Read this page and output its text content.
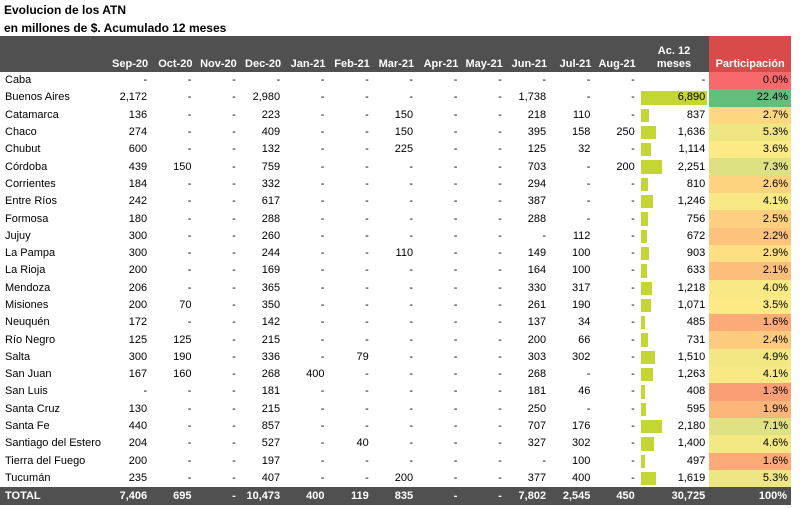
Evolucion de los ATN
en millones de $. Acumulado 12 meses
	Sep-20	Oct-20	Nov-20	Dec-20	Jan-21	Feb-21	Mar-21	Apr-21	May-21	Jun-21	Jul-21	Aug-21	Ac. 12 meses	Participación
Caba	-	-	-	-	-	-	-	-	-	-	-	-	-	0.0%
Buenos Aires	2,172	-	-	2,980	-	-	-	-	-	1,738	-	-	6,890	22.4%
Catamarca	136	-	-	223	-	-	150	-	-	218	110	-	837	2.7%
Chaco	274	-	-	409	-	-	150	-	-	395	158	250	1,636	5.3%
Chubut	600	-	-	132	-	-	225	-	-	125	32	-	1,114	3.6%
Córdoba	439	150	-	759	-	-	-	-	-	703	-	200	2,251	7.3%
Corrientes	184	-	-	332	-	-	-	-	-	294	-	-	810	2.6%
Entre Ríos	242	-	-	617	-	-	-	-	-	387	-	-	1,246	4.1%
Formosa	180	-	-	288	-	-	-	-	-	288	-	-	756	2.5%
Jujuy	300	-	-	260	-	-	-	-	-	-	112	-	672	2.2%
La Pampa	300	-	-	244	-	-	110	-	-	149	100	-	903	2.9%
La Rioja	200	-	-	169	-	-	-	-	-	164	100	-	633	2.1%
Mendoza	206	-	-	365	-	-	-	-	-	330	317	-	1,218	4.0%
Misiones	200	70	-	350	-	-	-	-	-	261	190	-	1,071	3.5%
Neuquén	172	-	-	142	-	-	-	-	-	137	34	-	485	1.6%
Río Negro	125	125	-	215	-	-	-	-	-	200	66	-	731	2.4%
Salta	300	190	-	336	-	79	-	-	-	303	302	-	1,510	4.9%
San Juan	167	160	-	268	400	-	-	-	-	268	-	-	1,263	4.1%
San Luis	-	-	-	181	-	-	-	-	-	181	46	-	408	1.3%
Santa Cruz	130	-	-	215	-	-	-	-	-	250	-	-	595	1.9%
Santa Fe	440	-	-	857	-	-	-	-	-	707	176	-	2,180	7.1%
Santiago del Estero	204	-	-	527	-	40	-	-	-	327	302	-	1,400	4.6%
Tierra del Fuego	200	-	-	197	-	-	-	-	-	-	100	-	497	1.6%
Tucumán	235	-	-	407	-	-	200	-	-	377	400	-	1,619	5.3%
TOTAL	7,406	695	-	10,473	400	119	835	-	-	7,802	2,545	450	30,725	100%
